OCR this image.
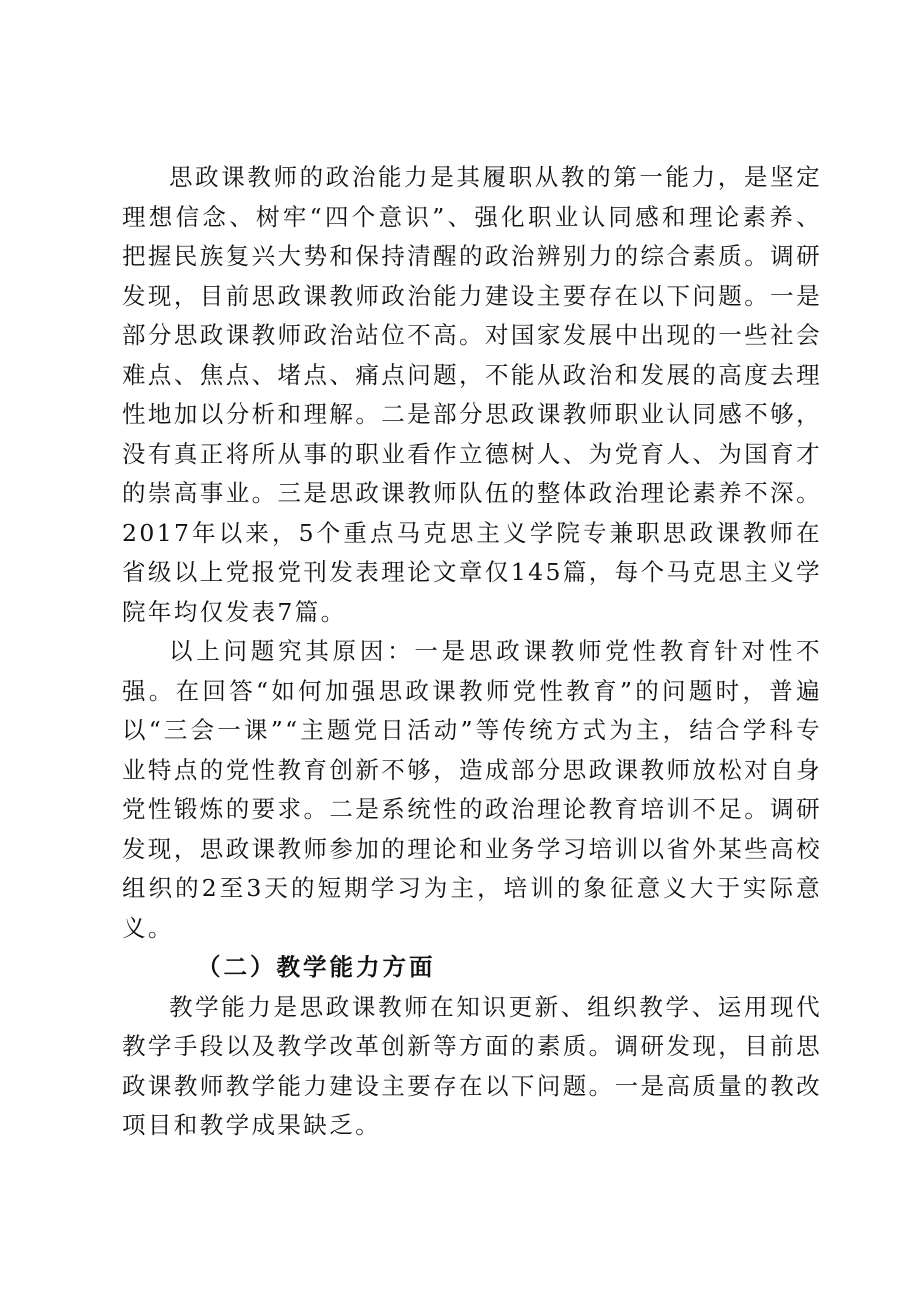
思政课教师的政治能力是其履职从教的第一能力，是坚定理想信念、树牢“四个意识”、强化职业认同感和理论素养、把握民族复兴大势和保持清醒的政治辨别力的综合素质。调研发现，目前思政课教师政治能力建设主要存在以下问题。一是部分思政课教师政治站位不高。对国家发展中出现的一些社会难点、焦点、堵点、痛点问题，不能从政治和发展的高度去理性地加以分析和理解。二是部分思政课教师职业认同感不够，没有真正将所从事的职业看作立德树人、为党育人、为国育才的崇高事业。三是思政课教师队伍的整体政治理论素养不深。2017年以来，5个重点马克思主义学院专兼职思政课教师在省级以上党报党刊发表理论文章仅145篇，每个马克思主义学院年均仅发表7篇。

以上问题究其原因：一是思政课教师党性教育针对性不强。在回答“如何加强思政课教师党性教育”的问题时，普遍以“三会一课”“主题党日活动”等传统方式为主，结合学科专业特点的党性教育创新不够，造成部分思政课教师放松对自身党性锻炼的要求。二是系统性的政治理论教育培训不足。调研发现，思政课教师参加的理论和业务学习培训以省外某些高校组织的2至3天的短期学习为主，培训的象征意义大于实际意义。

（二）教学能力方面

教学能力是思政课教师在知识更新、组织教学、运用现代教学手段以及教学改革创新等方面的素质。调研发现，目前思政课教师教学能力建设主要存在以下问题。一是高质量的教改项目和教学成果缺乏。
